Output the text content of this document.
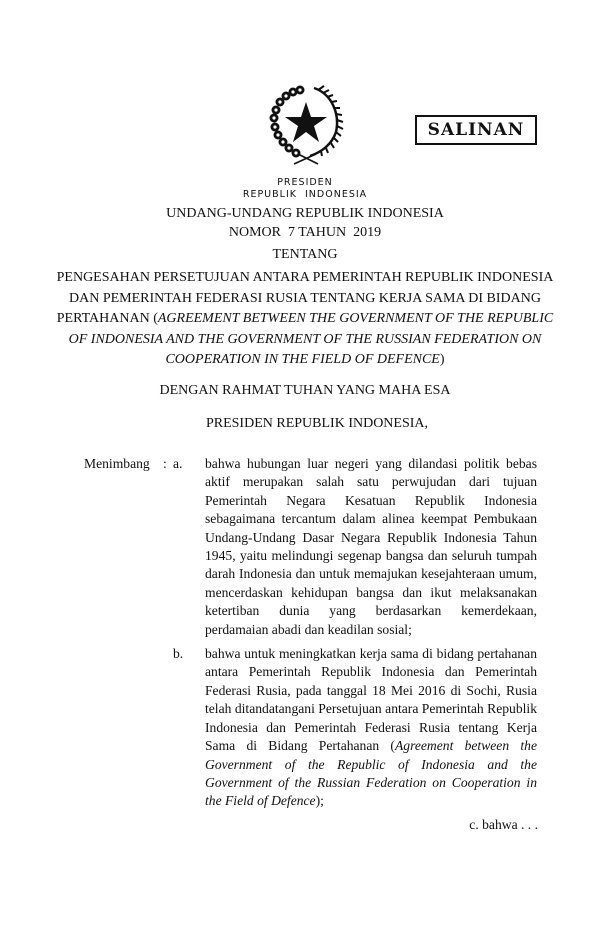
SALINAN
PRESIDEN
REPUBLIK  INDONESIA
UNDANG-UNDANG REPUBLIK INDONESIA
NOMOR  7 TAHUN  2019
TENTANG
PENGESAHAN PERSETUJUAN ANTARA PEMERINTAH REPUBLIK INDONESIA
DAN PEMERINTAH FEDERASI RUSIA TENTANG KERJA SAMA DI BIDANG
PERTAHANAN (AGREEMENT BETWEEN THE GOVERNMENT OF THE REPUBLIC
OF INDONESIA AND THE GOVERNMENT OF THE RUSSIAN FEDERATION ON
COOPERATION IN THE FIELD OF DEFENCE)
DENGAN RAHMAT TUHAN YANG MAHA ESA
PRESIDEN REPUBLIK INDONESIA,
Menimbang : a.	bahwa hubungan luar negeri yang dilandasi politik bebas aktif merupakan salah satu perwujudan dari tujuan Pemerintah Negara Kesatuan Republik Indonesia sebagaimana tercantum dalam alinea keempat Pembukaan Undang-Undang Dasar Negara Republik Indonesia Tahun 1945, yaitu melindungi segenap bangsa dan seluruh tumpah darah Indonesia dan untuk memajukan kesejahteraan umum, mencerdaskan kehidupan bangsa dan ikut melaksanakan ketertiban dunia yang berdasarkan kemerdekaan, perdamaian abadi dan keadilan sosial;
b.	bahwa untuk meningkatkan kerja sama di bidang pertahanan antara Pemerintah Republik Indonesia dan Pemerintah Federasi Rusia, pada tanggal 18 Mei 2016 di Sochi, Rusia telah ditandatangani Persetujuan antara Pemerintah Republik Indonesia dan Pemerintah Federasi Rusia tentang Kerja Sama di Bidang Pertahanan (Agreement between the Government of the Republic of Indonesia and the Government of the Russian Federation on Cooperation in the Field of Defence);
c. bahwa . . .
